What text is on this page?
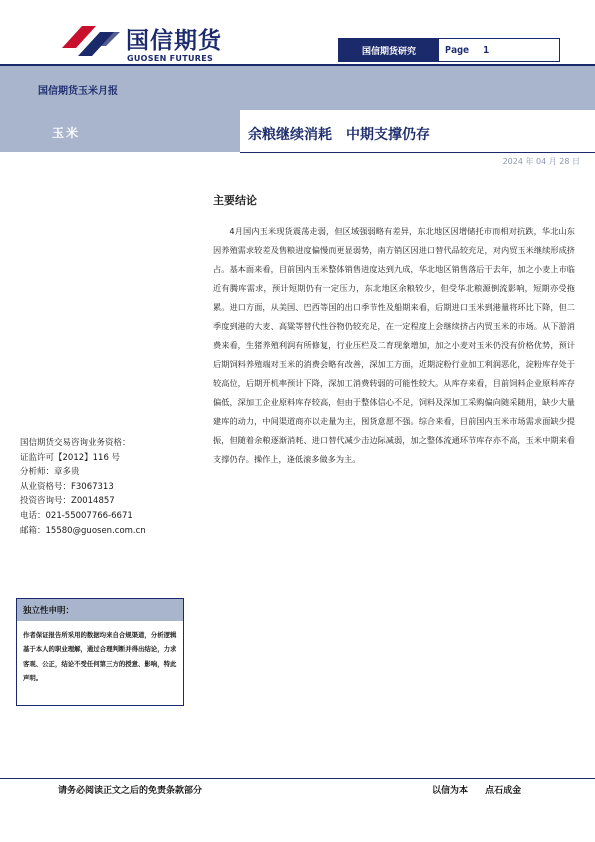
国信期货
GUOSEN FUTURES
国信期货研究	Page 1
国信期货玉米月报
玉米	余粮继续消耗　中期支撑仍存
2024 年 04 月 28 日
主要结论

4月国内玉米现货震荡走弱，但区域强弱略有差异，东北地区因增储托市而相对抗跌，华北山东因养殖需求较差及售粮进度偏慢而更显弱势，南方销区因进口替代品较充足，对内贸玉米继续形成挤占。基本面来看，目前国内玉米整体销售进度达到九成，华北地区销售落后于去年，加之小麦上市临近有腾库需求，预计短期仍有一定压力，东北地区余粮较少，但受华北粮源倒流影响，短期亦受拖累。进口方面，从美国、巴西等国的出口季节性及船期来看，后期进口玉米到港量将环比下降，但二季度到港的大麦、高粱等替代性谷物仍较充足，在一定程度上会继续挤占内贸玉米的市场。从下游消费来看，生猪养殖利润有所修复，行业压栏及二育现象增加，加之小麦对玉米仍没有价格优势，预计后期饲料养殖端对玉米的消费会略有改善，深加工方面，近期淀粉行业加工利润恶化，淀粉库存处于较高位，后期开机率预计下降，深加工消费转弱的可能性较大。从库存来看，目前饲料企业原料库存偏低，深加工企业原料库存较高，但由于整体信心不足，饲料及深加工采购偏向随采随用，缺少大量建库的动力，中间渠道商亦以走量为主，囤货意愿不强。综合来看，目前国内玉米市场需求面缺少提振，但随着余粮逐渐消耗、进口替代减少击边际减弱，加之整体流通环节库存亦不高，玉米中期来看支撑仍存。操作上，逢低滚多做多为主。

国信期货交易咨询业务资格：
证监许可【2012】116 号
分析师：章多贵
从业资格号：F3067313
投资咨询号：Z0014857
电话：021-55007766-6671
邮箱：15580@guosen.com.cn
独立性申明：
作者保证报告所采用的数据均来自合规渠道，分析逻辑基于本人的职业理解，通过合理判断并得出结论，力求客观、公正，结论不受任何第三方的授意、影响，特此声明。
请务必阅读正文之后的免责条款部分	以信为本 点石成金
